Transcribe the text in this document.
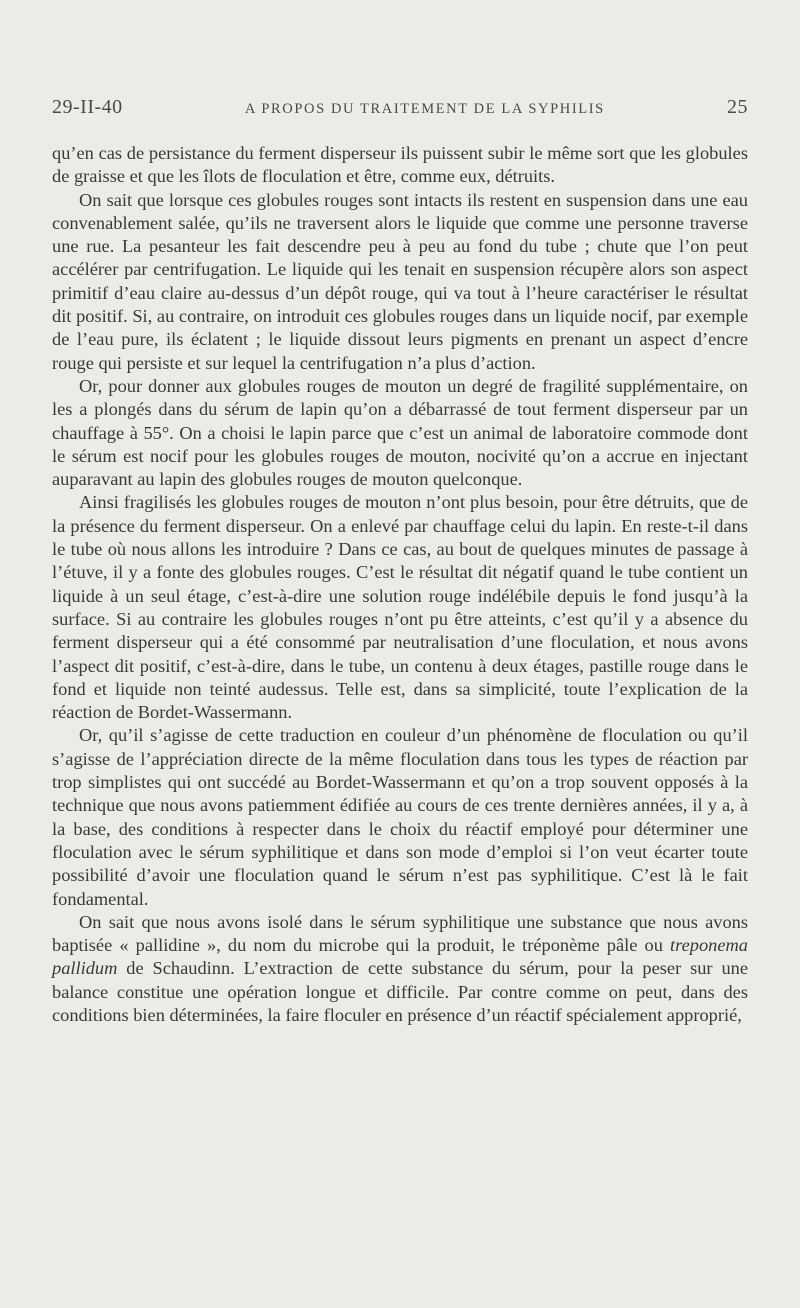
29-II-40	A PROPOS DU TRAITEMENT DE LA SYPHILIS	25

qu’en cas de persistance du ferment disperseur ils puissent subir le même sort que les globules de graisse et que les îlots de floculation et être, comme eux, détruits.

On sait que lorsque ces globules rouges sont intacts ils restent en suspension dans une eau convenablement salée, qu’ils ne traversent alors le liquide que comme une personne traverse une rue. La pesanteur les fait descendre peu à peu au fond du tube ; chute que l’on peut accélérer par centrifugation. Le liquide qui les tenait en suspension récupère alors son aspect primitif d’eau claire au-dessus d’un dépôt rouge, qui va tout à l’heure caractériser le résultat dit positif. Si, au contraire, on introduit ces globules rouges dans un liquide nocif, par exemple de l’eau pure, ils éclatent ; le liquide dissout leurs pigments en prenant un aspect d’encre rouge qui persiste et sur lequel la centrifugation n’a plus d’action.

Or, pour donner aux globules rouges de mouton un degré de fragilité supplémentaire, on les a plongés dans du sérum de lapin qu’on a débarrassé de tout ferment disperseur par un chauffage à 55°. On a choisi le lapin parce que c’est un animal de laboratoire commode dont le sérum est nocif pour les globules rouges de mouton, nocivité qu’on a accrue en injectant auparavant au lapin des globules rouges de mouton quelconque.

Ainsi fragilisés les globules rouges de mouton n’ont plus besoin, pour être détruits, que de la présence du ferment disperseur. On a enlevé par chauffage celui du lapin. En reste-t-il dans le tube où nous allons les introduire ? Dans ce cas, au bout de quelques minutes de passage à l’étuve, il y a fonte des globules rouges. C’est le résultat dit négatif quand le tube contient un liquide à un seul étage, c’est-à-dire une solution rouge indélébile depuis le fond jusqu’à la surface. Si au contraire les globules rouges n’ont pu être atteints, c’est qu’il y a absence du ferment disperseur qui a été consommé par neutralisation d’une floculation, et nous avons l’aspect dit positif, c’est-à-dire, dans le tube, un contenu à deux étages, pastille rouge dans le fond et liquide non teinté audessus. Telle est, dans sa simplicité, toute l’explication de la réaction de Bordet-Wassermann.

Or, qu’il s’agisse de cette traduction en couleur d’un phénomène de floculation ou qu’il s’agisse de l’appréciation directe de la même floculation dans tous les types de réaction par trop simplistes qui ont succédé au Bordet-Wassermann et qu’on a trop souvent opposés à la technique que nous avons patiemment édifiée au cours de ces trente dernières années, il y a, à la base, des conditions à respecter dans le choix du réactif employé pour déterminer une floculation avec le sérum syphilitique et dans son mode d’emploi si l’on veut écarter toute possibilité d’avoir une floculation quand le sérum n’est pas syphilitique. C’est là le fait fondamental.

On sait que nous avons isolé dans le sérum syphilitique une substance que nous avons baptisée « pallidine », du nom du microbe qui la produit, le tréponème pâle ou treponema pallidum de Schaudinn. L’extraction de cette substance du sérum, pour la peser sur une balance constitue une opération longue et difficile. Par contre comme on peut, dans des conditions bien déterminées, la faire floculer en présence d’un réactif spécialement approprié,
